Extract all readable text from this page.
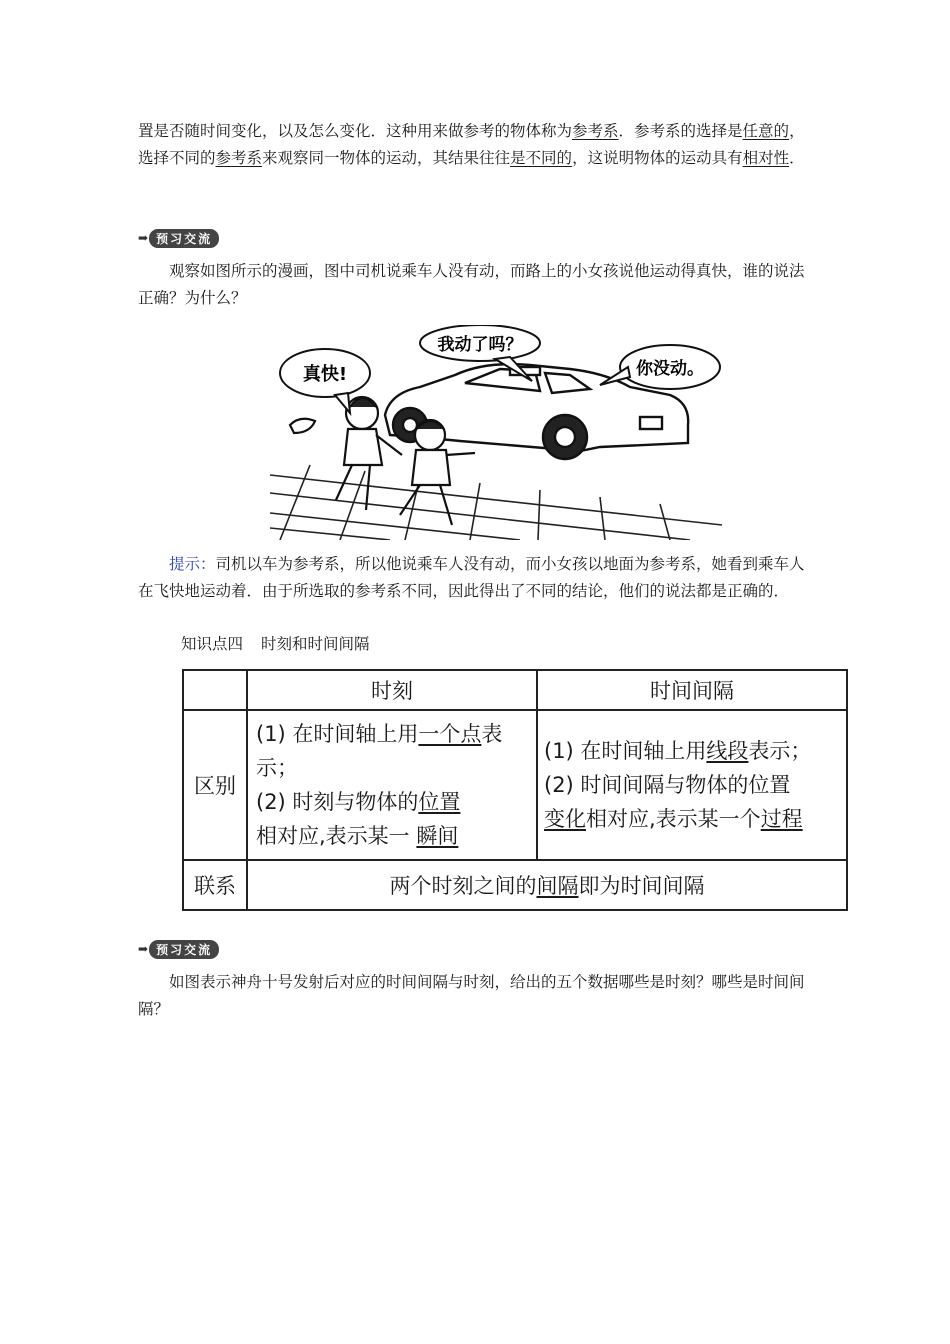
置是否随时间变化，以及怎么变化．这种用来做参考的物体称为参考系．参考系的选择是任意的，选择不同的参考系来观察同一物体的运动，其结果往往是不同的，这说明物体的运动具有相对性．
➡ 预习交流
观察如图所示的漫画，图中司机说乘车人没有动，而路上的小女孩说他运动得真快，谁的说法正确？为什么？
真快!
我动了吗？
你没动。
提示：司机以车为参考系，所以他说乘车人没有动，而小女孩以地面为参考系，她看到乘车人在飞快地运动着．由于所选取的参考系不同，因此得出了不同的结论，他们的说法都是正确的．
知识点四 时刻和时间间隔
	时刻	时间间隔
区别	(1) 在时间轴上用一个点表示；
(2) 时刻与物体的位置
相对应,表示某一 瞬间	(1) 在时间轴上用线段表示；
(2) 时间间隔与物体的位置
变化相对应,表示某一个过程
联系	两个时刻之间的间隔即为时间间隔	
➡ 预习交流
如图表示神舟十号发射后对应的时间间隔与时刻，给出的五个数据哪些是时刻？哪些是时间间隔？
